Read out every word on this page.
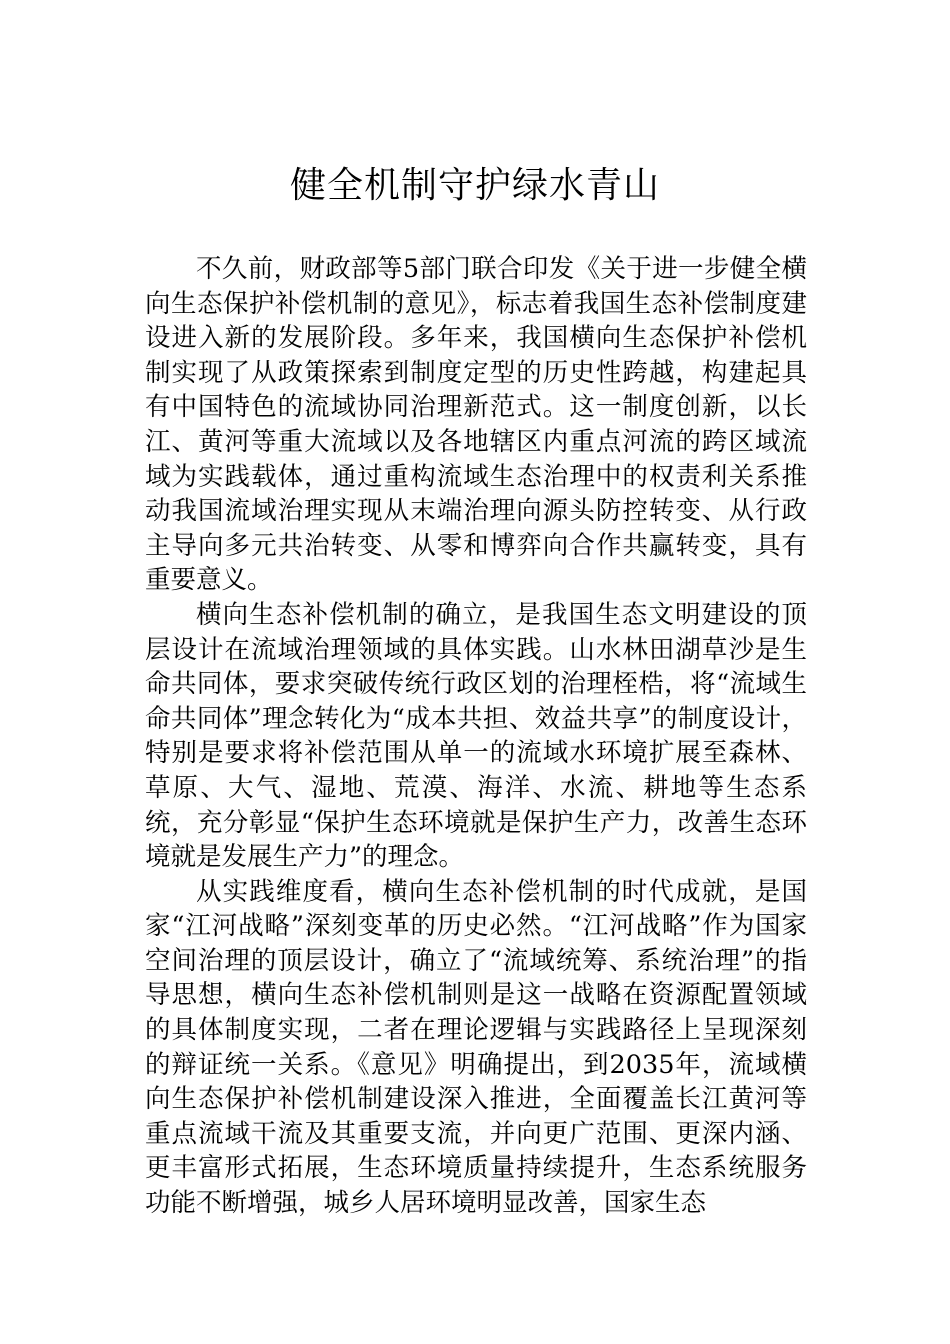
健全机制守护绿水青山

不久前，财政部等5部门联合印发《关于进一步健全横向生态保护补偿机制的意见》，标志着我国生态补偿制度建设进入新的发展阶段。多年来，我国横向生态保护补偿机制实现了从政策探索到制度定型的历史性跨越，构建起具有中国特色的流域协同治理新范式。这一制度创新，以长江、黄河等重大流域以及各地辖区内重点河流的跨区域流域为实践载体，通过重构流域生态治理中的权责利关系推动我国流域治理实现从末端治理向源头防控转变、从行政主导向多元共治转变、从零和博弈向合作共赢转变，具有重要意义。

横向生态补偿机制的确立，是我国生态文明建设的顶层设计在流域治理领域的具体实践。山水林田湖草沙是生命共同体，要求突破传统行政区划的治理桎梏，将“流域生命共同体”理念转化为“成本共担、效益共享”的制度设计，特别是要求将补偿范围从单一的流域水环境扩展至森林、草原、大气、湿地、荒漠、海洋、水流、耕地等生态系统，充分彰显“保护生态环境就是保护生产力，改善生态环境就是发展生产力”的理念。

从实践维度看，横向生态补偿机制的时代成就，是国家“江河战略”深刻变革的历史必然。“江河战略”作为国家空间治理的顶层设计，确立了“流域统筹、系统治理”的指导思想，横向生态补偿机制则是这一战略在资源配置领域的具体制度实现，二者在理论逻辑与实践路径上呈现深刻的辩证统一关系。《意见》明确提出，到2035年，流域横向生态保护补偿机制建设深入推进，全面覆盖长江黄河等重点流域干流及其重要支流，并向更广范围、更深内涵、更丰富形式拓展，生态环境质量持续提升，生态系统服务功能不断增强，城乡人居环境明显改善，国家生态
